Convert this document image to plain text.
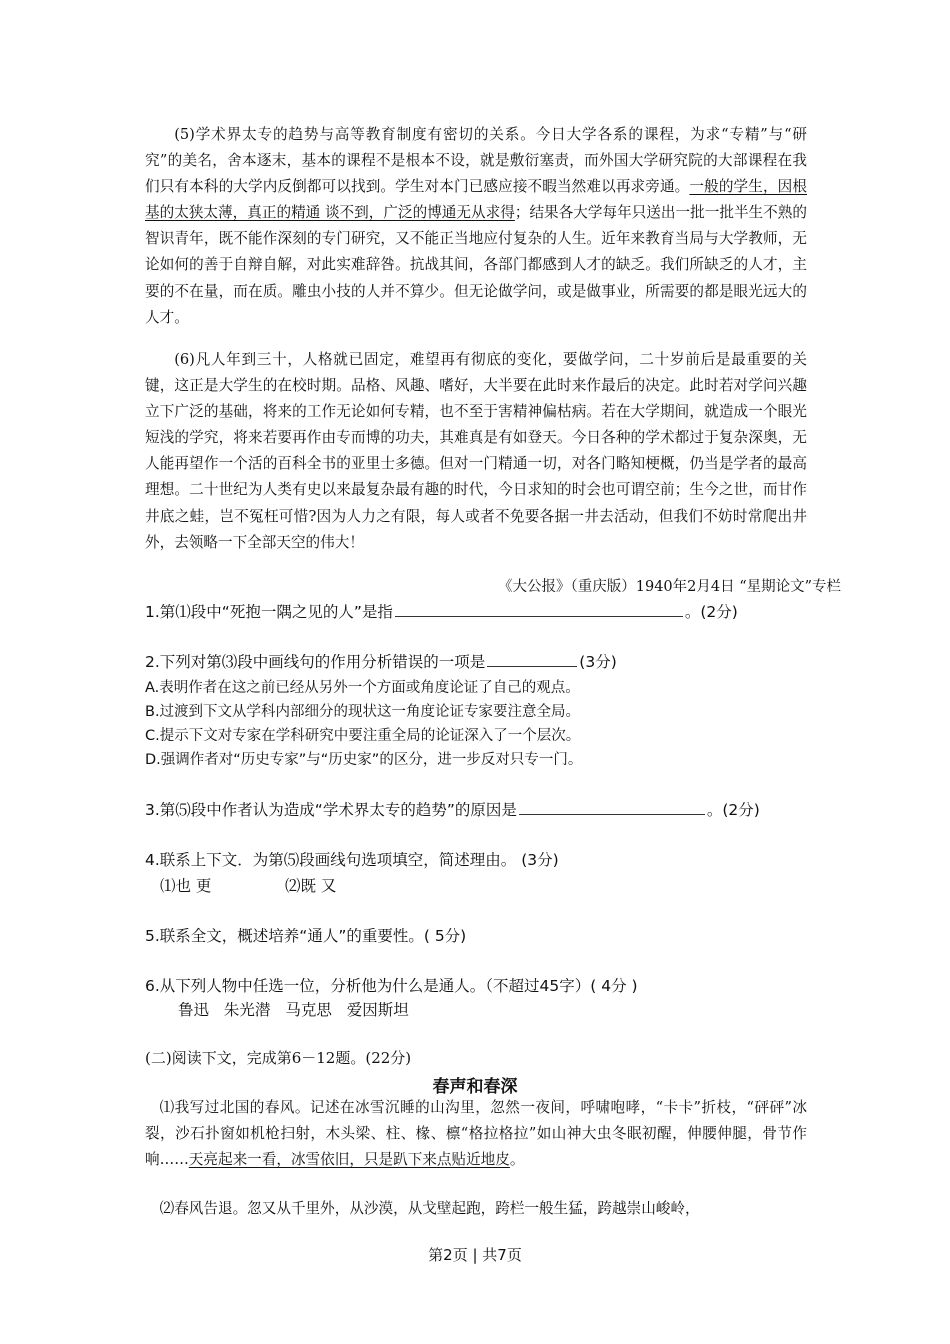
(5)学术界太专的趋势与高等教育制度有密切的关系。今日大学各系的课程，为求“专精”与“研究”的美名，舍本逐末，基本的课程不是根本不设，就是敷衍塞责，而外国大学研究院的大部课程在我们只有本科的大学内反倒都可以找到。学生对本门已感应接不暇当然难以再求旁通。一般的学生，因根基的太狭太薄，真正的精通 谈不到，广泛的博通无从求得；结果各大学每年只送出一批一批半生不熟的智识青年，既不能作深刻的专门研究，又不能正当地应付复杂的人生。近年来教育当局与大学教师，无论如何的善于自辩自解，对此实难辞咎。抗战其间，各部门都感到人才的缺乏。我们所缺乏的人才，主要的不在量，而在质。雕虫小技的人并不算少。但无论做学问，或是做事业，所需要的都是眼光远大的人才。

(6)凡人年到三十，人格就已固定，难望再有彻底的变化，要做学问，二十岁前后是最重要的关键，这正是大学生的在校时期。品格、风趣、嗜好，大半要在此时来作最后的决定。此时若对学问兴趣立下广泛的基础，将来的工作无论如何专精，也不至于害精神偏枯病。若在大学期间，就造成一个眼光短浅的学究，将来若要再作由专而博的功夫，其难真是有如登天。今日各种的学术都过于复杂深奥，无人能再望作一个活的百科全书的亚里士多德。但对一门精通一切，对各门略知梗概，仍当是学者的最高理想。二十世纪为人类有史以来最复杂最有趣的时代，今日求知的时会也可谓空前；生今之世，而甘作井底之蛙，岂不冤枉可惜?因为人力之有限，每人或者不免要各据一井去活动，但我们不妨时常爬出井外，去领略一下全部天空的伟大！

《大公报》（重庆版）1940年2月4日 “星期论文”专栏
1.第⑴段中“死抱一隅之见的人”是指	。(2分)
2.下列对第⑶段中画线句的作用分析错误的一项是	(3分)
A.表明作者在这之前已经从另外一个方面或角度论证了自己的观点。
B.过渡到下文从学科内部细分的现状这一角度论证专家要注意全局。
C.提示下文对专家在学科研究中要注重全局的论证深入了一个层次。
D.强调作者对“历史专家”与“历史家”的区分，进一步反对只专一门。
3.第⑸段中作者认为造成“学术界太专的趋势”的原因是	。(2分)
4.联系上下文．为第⑸段画线句选项填空，简述理由。 (3分)
⑴也 更	⑵既 又
5.联系全文，概述培养“通人”的重要性。( 5分)
6.从下列人物中任选一位，分析他为什么是通人。（不超过45字）( 4分 )
鲁迅 朱光潜 马克思 爱因斯坦
(二)阅读下文，完成第6－12题。(22分)
春声和春深

⑴我写过北国的春风。记述在冰雪沉睡的山沟里，忽然一夜间，呼啸咆哮，“卡卡”折枝，“砰砰”冰裂，沙石扑窗如机枪扫射，木头梁、柱、椽、檩“格拉格拉”如山神大虫冬眠初醒，伸腰伸腿，骨节作响……天亮起来一看，冰雪依旧，只是趴下来点贴近地皮。

⑵春风告退。忽又从千里外，从沙漠，从戈壁起跑，跨栏一般生猛，跨越崇山峻岭，

第2页 | 共7页
